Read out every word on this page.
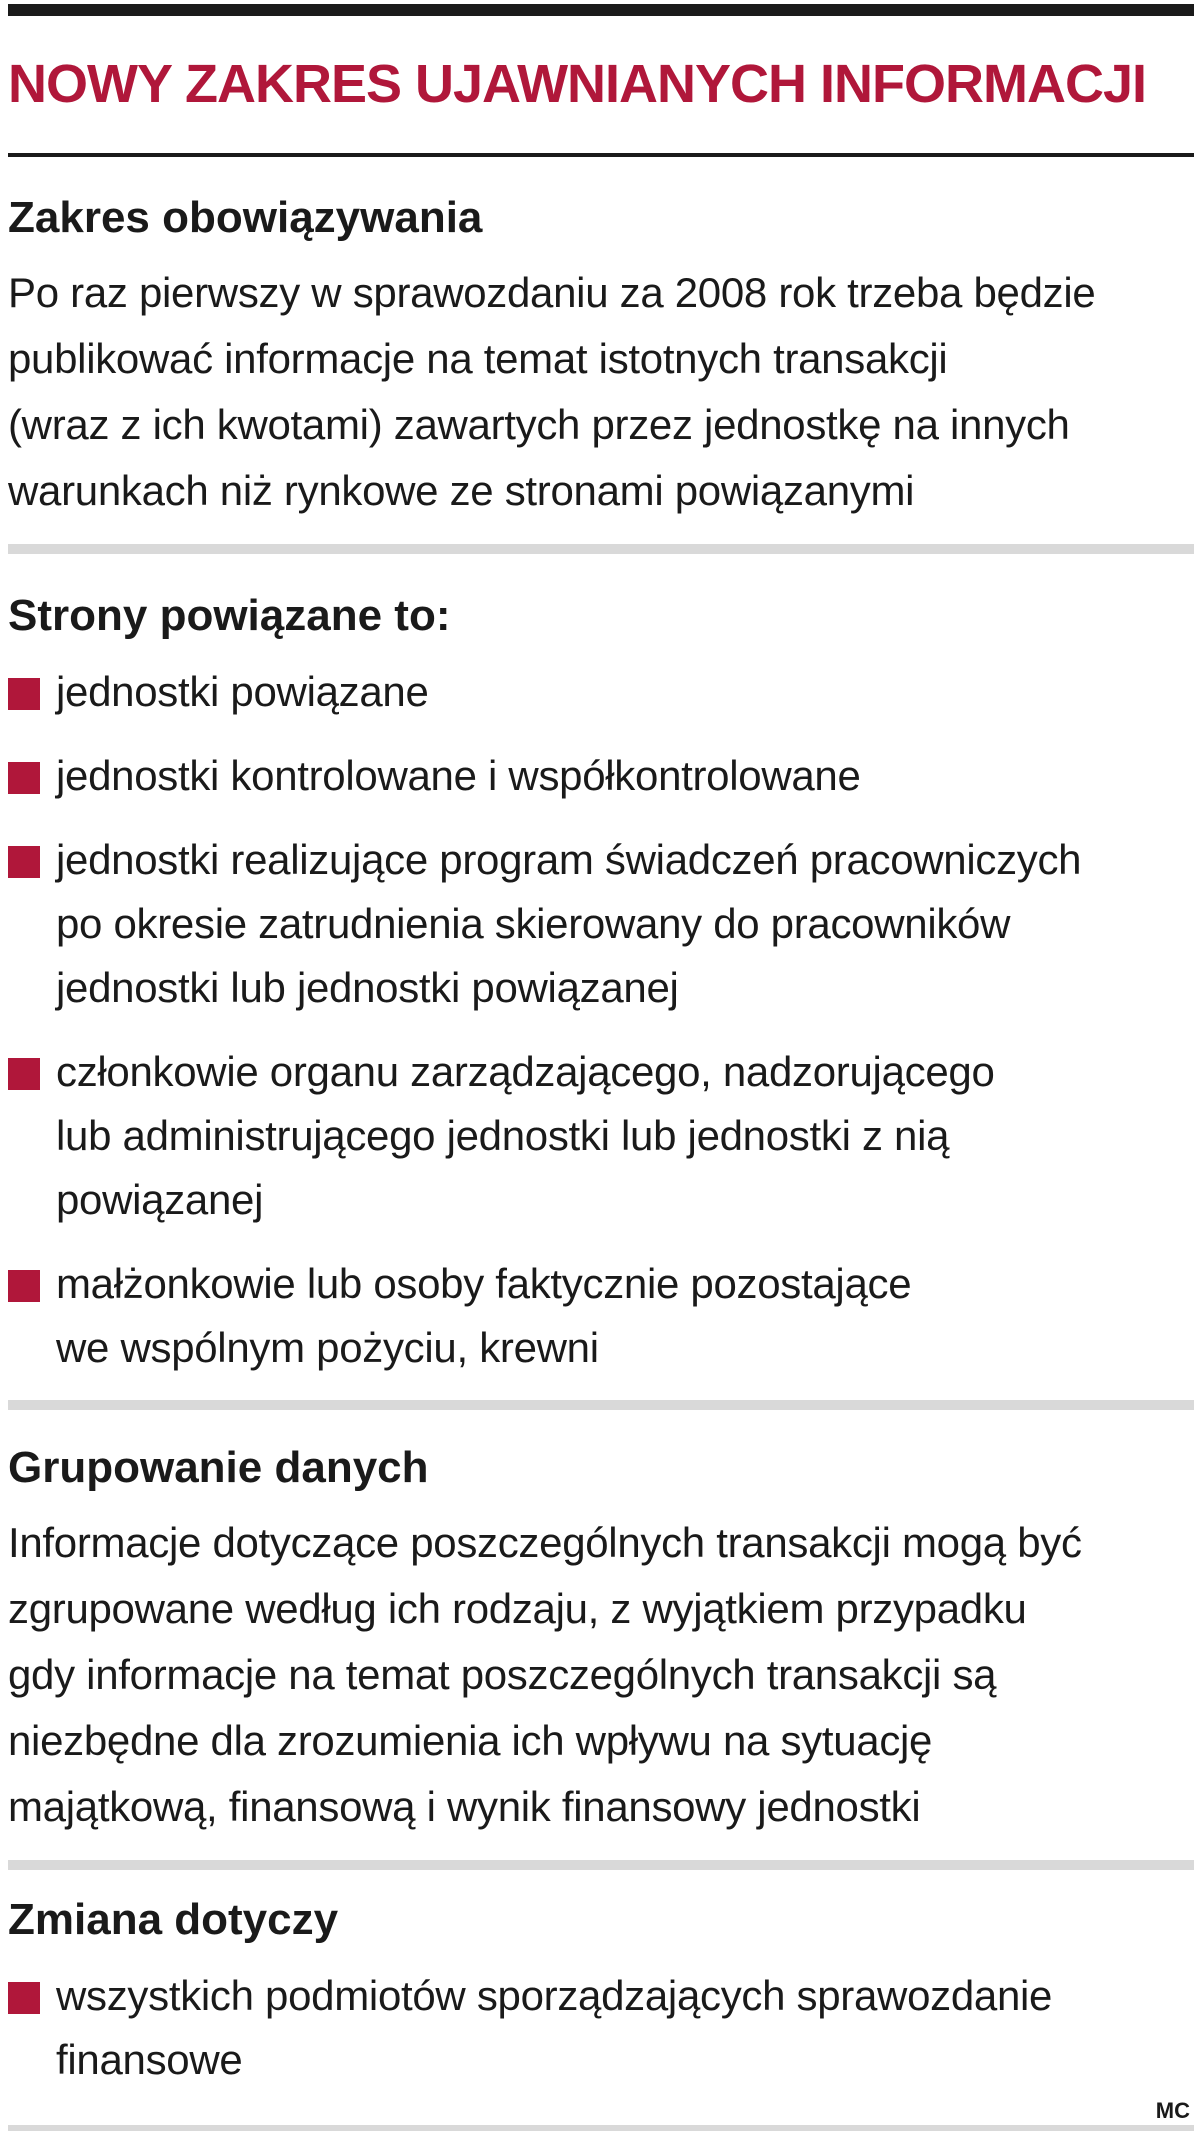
NOWY ZAKRES UJAWNIANYCH INFORMACJI
Zakres obowiązywania
Po raz pierwszy w sprawozdaniu za 2008 rok trzeba będzie
publikować informacje na temat istotnych transakcji
(wraz z ich kwotami) zawartych przez jednostkę na innych
warunkach niż rynkowe ze stronami powiązanymi
Strony powiązane to:
jednostki powiązane
jednostki kontrolowane i współkontrolowane
jednostki realizujące program świadczeń pracowniczych
po okresie zatrudnienia skierowany do pracowników
jednostki lub jednostki powiązanej
członkowie organu zarządzającego, nadzorującego
lub administrującego jednostki lub jednostki z nią
powiązanej
małżonkowie lub osoby faktycznie pozostające
we wspólnym pożyciu, krewni
Grupowanie danych
Informacje dotyczące poszczególnych transakcji mogą być
zgrupowane według ich rodzaju, z wyjątkiem przypadku
gdy informacje na temat poszczególnych transakcji są
niezbędne dla zrozumienia ich wpływu na sytuację
majątkową, finansową i wynik finansowy jednostki
Zmiana dotyczy
wszystkich podmiotów sporządzających sprawozdanie
finansowe
MC
